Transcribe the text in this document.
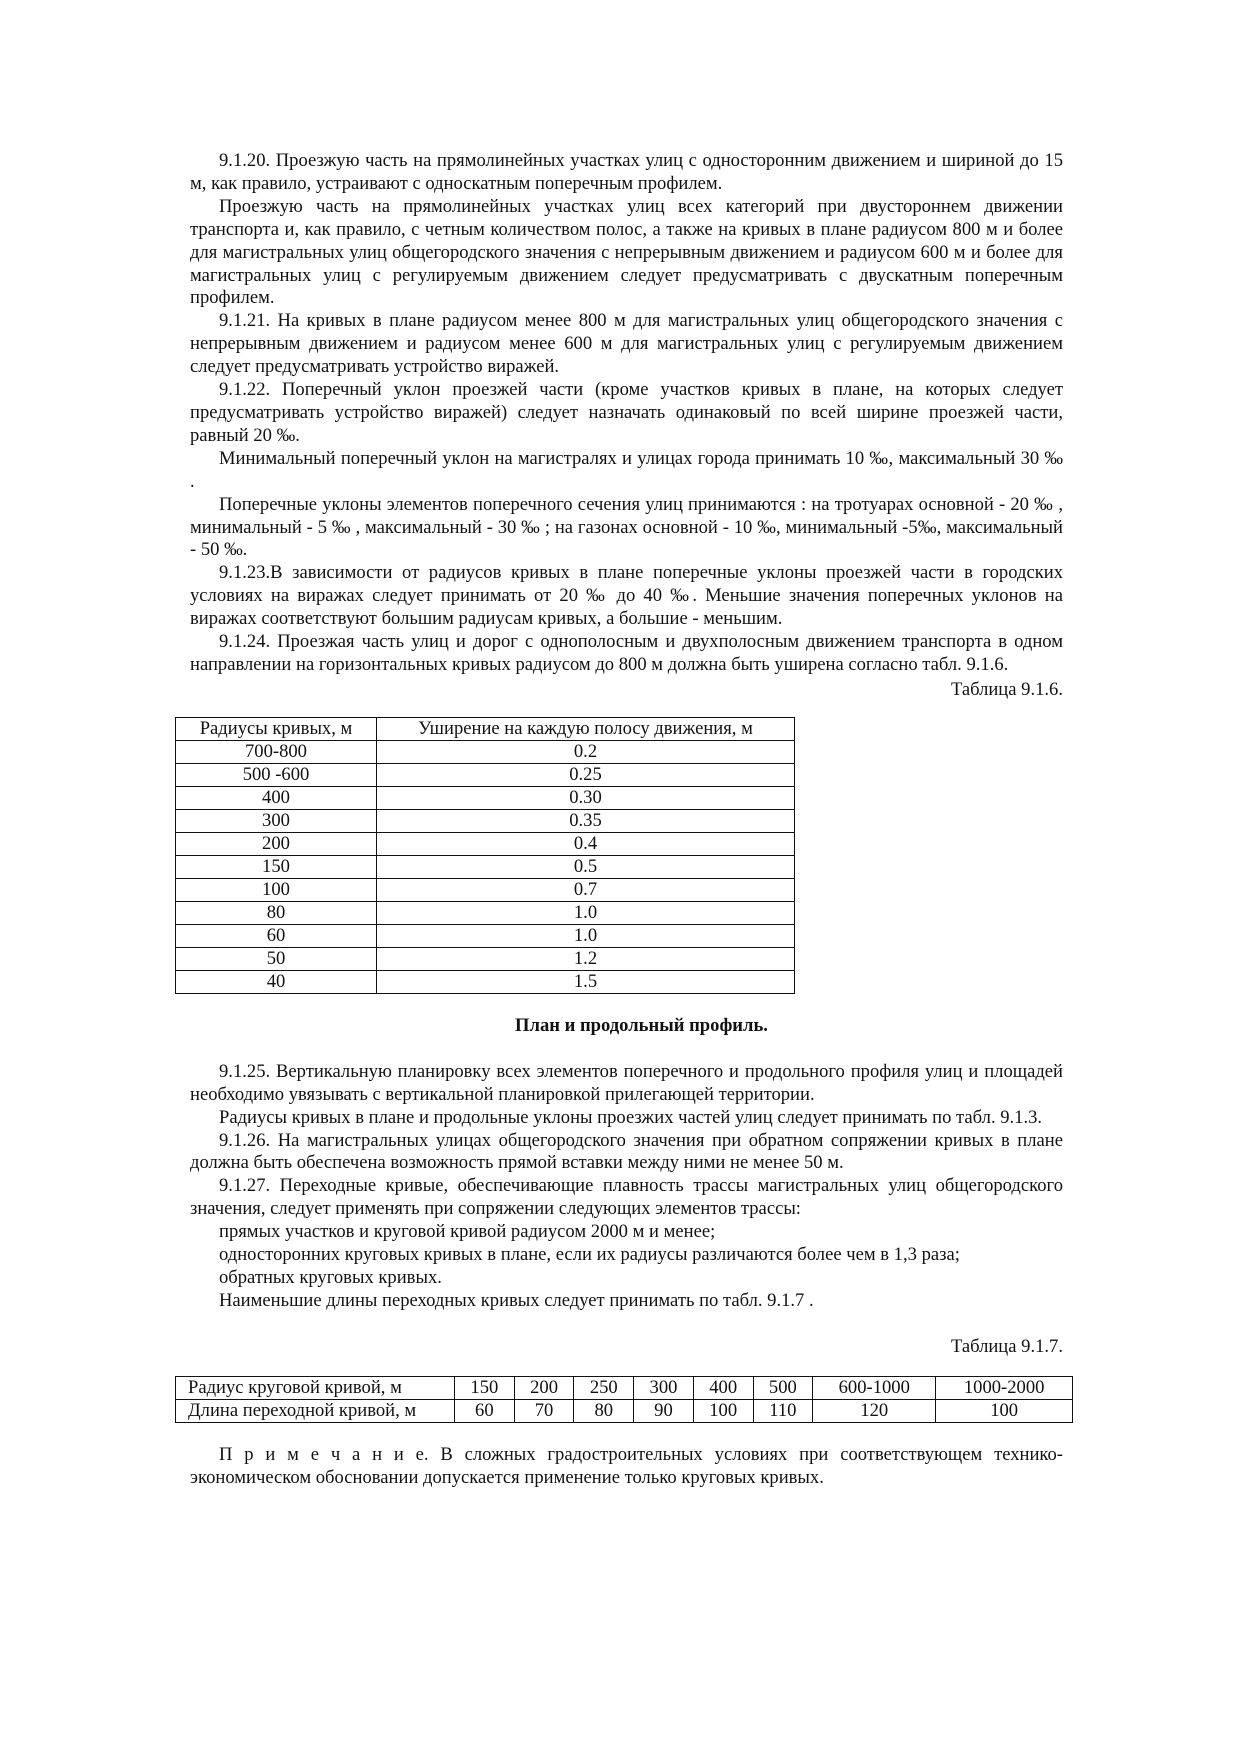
9.1.20. Проезжую часть на прямолинейных участках улиц с односторонним движением и шириной до 15 м, как правило, устраивают с односкатным поперечным профилем.

Проезжую часть на прямолинейных участках улиц всех категорий при двустороннем движении транспорта и, как правило, с четным количеством полос, а также на кривых в плане радиусом 800 м и более для магистральных улиц общегородского значения с непрерывным движением и радиусом 600 м и более для магистральных улиц с регулируемым движением следует предусматривать с двускатным поперечным профилем.

9.1.21. На кривых в плане радиусом менее 800 м для магистральных улиц общегородского значения с непрерывным движением и радиусом менее 600 м для магистральных улиц с регулируемым движением следует предусматривать устройство виражей.

9.1.22. Поперечный уклон проезжей части (кроме участков кривых в плане, на которых следует предусматривать устройство виражей) следует назначать одинаковый по всей ширине проезжей части, равный 20 ‰.

Минимальный поперечный уклон на магистралях и улицах города принимать 10 ‰, максимальный 30 ‰ .

Поперечные уклоны элементов поперечного сечения улиц принимаются : на тротуарах основной - 20 ‰ , минимальный - 5 ‰ , максимальный - 30 ‰ ; на газонах основной - 10 ‰, минимальный -5‰, максимальный - 50 ‰.

9.1.23.В зависимости от радиусов кривых в плане поперечные уклоны проезжей части в городских условиях на виражах следует принимать от 20 ‰ до 40 ‰. Меньшие значения поперечных уклонов на виражах соответствуют большим радиусам кривых, а большие - меньшим.

9.1.24. Проезжая часть улиц и дорог с однополосным и двухполосным движением транспорта в одном направлении на горизонтальных кривых радиусом до 800 м должна быть уширена согласно табл. 9.1.6.

Таблица 9.1.6.

Радиусы кривых, м	Уширение на каждую полосу движения, м
700-800	0.2
500 -600	0.25
400	0.30
300	0.35
200	0.4
150	0.5
100	0.7
80	1.0
60	1.0
50	1.2
40	1.5

План и продольный профиль.

9.1.25. Вертикальную планировку всех элементов поперечного и продольного профиля улиц и площадей необходимо увязывать с вертикальной планировкой прилегающей территории.

Радиусы кривых в плане и продольные уклоны проезжих частей улиц следует принимать по табл. 9.1.3.

9.1.26. На магистральных улицах общегородского значения при обратном сопряжении кривых в плане должна быть обеспечена возможность прямой вставки между ними не менее 50 м.

9.1.27. Переходные кривые, обеспечивающие плавность трассы магистральных улиц общегородского значения, следует применять при сопряжении следующих элементов трассы:

прямых участков и круговой кривой радиусом 2000 м и менее;

односторонних круговых кривых в плане, если их радиусы различаются более чем в 1,3 раза;

обратных круговых кривых.

Наименьшие длины переходных кривых следует принимать по табл. 9.1.7 .

Таблица 9.1.7.

Радиус круговой кривой, м	150	200	250	300	400	500	600-1000	1000-2000
Длина переходной кривой, м	60	70	80	90	100	110	120	100

П р и м е ч а н и е. В сложных градостроительных условиях при соответствующем технико-экономическом обосновании допускается применение только круговых кривых.
